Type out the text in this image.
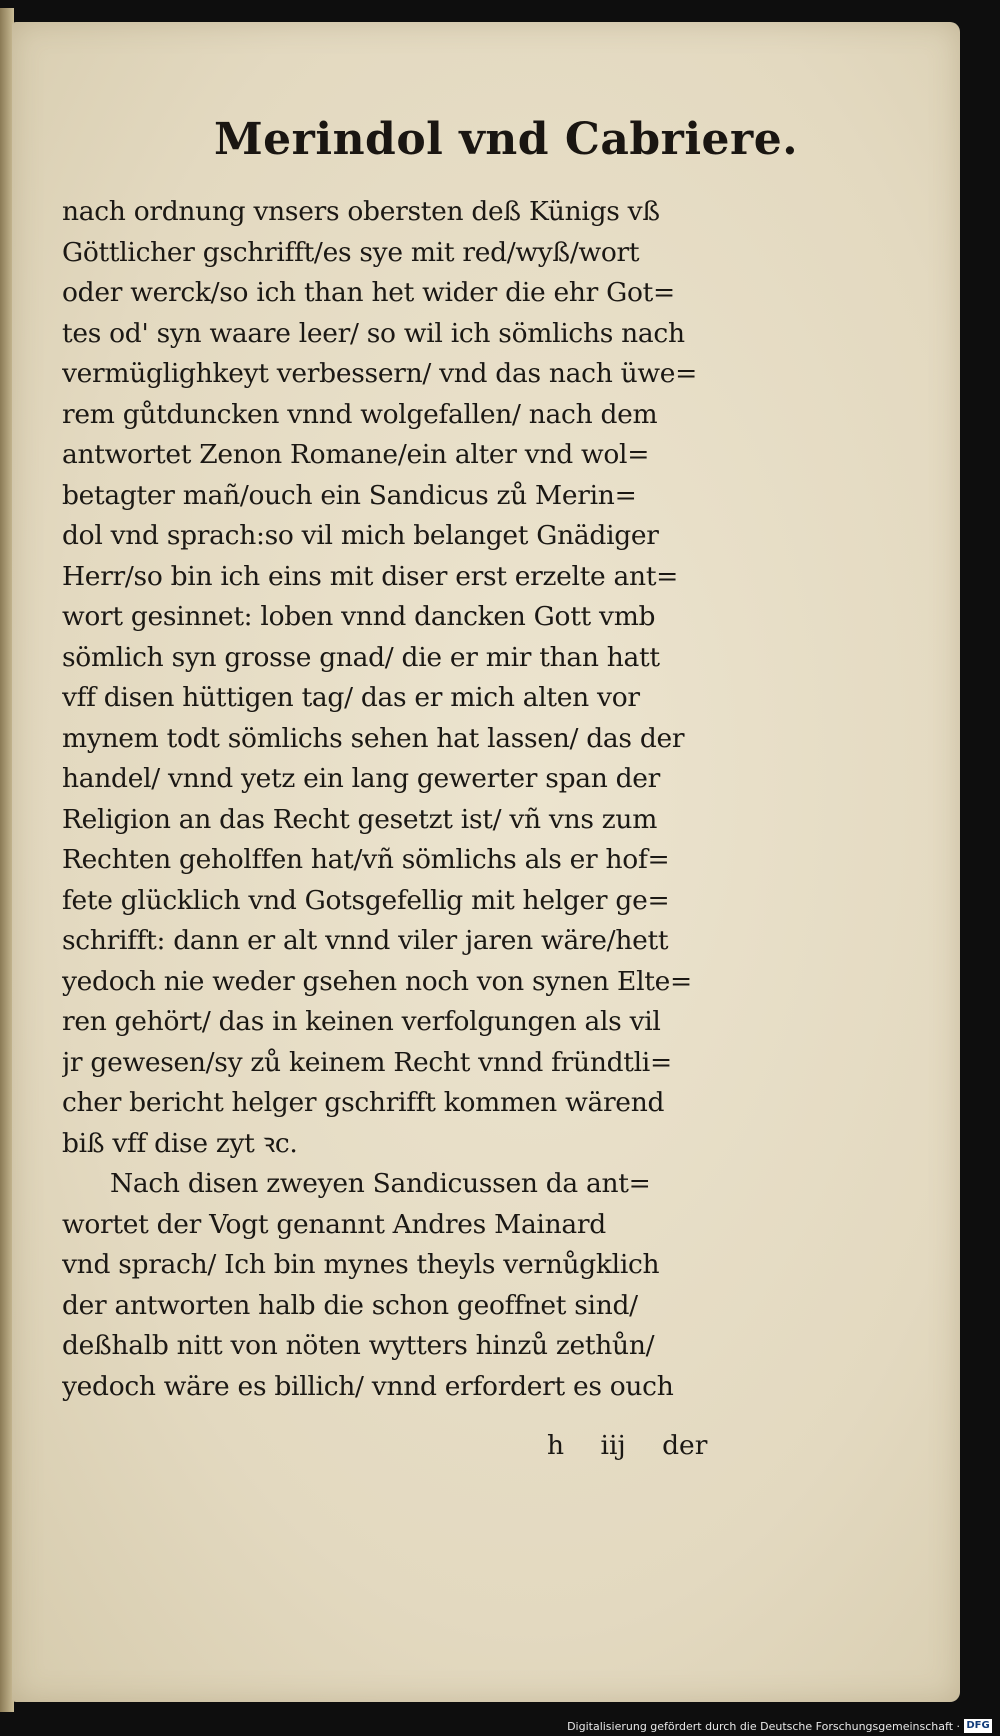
Merindol vnd Cabriere.
nach ordnung vnsers obersten deß Künigs vß
Göttlicher gschrifft/es sye mit red/wyß/wort
oder werck/so ich than het wider die ehr Got=
tes od' syn waare leer/ so wil ich sömlichs nach
vermüglighkeyt verbessern/ vnd das nach üwe=
rem gůtduncken vnnd wolgefallen/ nach dem
antwortet Zenon Romane/ein alter vnd wol=
betagter mañ/ouch ein Sandicus zů Merin=
dol vnd sprach:so vil mich belanget Gnädiger
Herr/so bin ich eins mit diser erst erzelte ant=
wort gesinnet: loben vnnd dancken Gott vmb
sömlich syn grosse gnad/ die er mir than hatt
vff disen hüttigen tag/ das er mich alten vor
mynem todt sömlichs sehen hat lassen/ das der
handel/ vnnd yetz ein lang gewerter span der
Religion an das Recht gesetzt ist/ vñ vns zum
Rechten geholffen hat/vñ sömlichs als er hof=
fete glücklich vnd Gotsgefellig mit helger ge=
schrifft: dann er alt vnnd viler jaren wäre/hett
yedoch nie weder gsehen noch von synen Elte=
ren gehört/ das in keinen verfolgungen als vil
jr gewesen/sy zů keinem Recht vnnd fründtli=
cher bericht helger gschrifft kommen wärend
biß vff dise zyt ꝛc.
Nach disen zweyen Sandicussen da ant=
wortet der Vogt genannt Andres Mainard
vnd sprach/ Ich bin mynes theyls vernůgklich
der antworten halb die schon geoffnet sind/
deßhalb nitt von nöten wytters hinzů zethůn/
yedoch wäre es billich/ vnnd erfordert es ouch
h iij der
Digitalisierung gefördert durch die Deutsche Forschungsgemeinschaft · DFG
